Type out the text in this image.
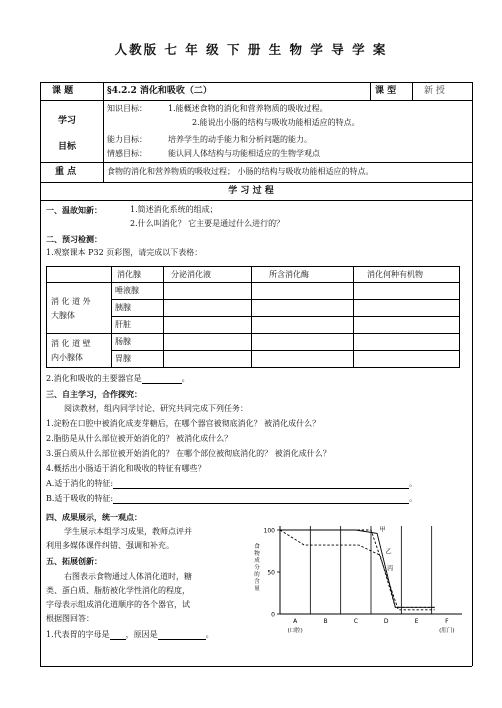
人教版 七 年 级 下 册 生 物 学 导 学 案
课 题	§4.2.2 消化和吸收（二）	课 型	新 授
学习
目标
知识目标：	1.能概述食物的消化和营养物质的吸收过程。
2.能说出小肠的结构与吸收功能相适应的特点。
能力目标：	培养学生的动手能力和分析问题的能力。
情感目标：	能认同人体结构与功能相适应的生物学观点
重 点	食物的消化和营养物质的吸收过程； 小肠的结构与吸收功能相适应的特点。
学 习 过 程
一、温故知新：	1.简述消化系统的组成；
2.什么叫消化？ 它主要是通过什么进行的？
二、预习检测：
1.观察课本 P32 页彩图，请完成以下表格：
消化腺	分泌消化液	所含消化酶	消化何种有机物
消 化 道 外
大腺体
唾液腺
胰腺
肝脏
消 化 道 壁
内小腺体
肠腺
胃腺
2.消化和吸收的主要器官是	。
三、自主学习，合作探究：
阅读教材，组内同学讨论、研究共同完成下列任务：
1.淀粉在口腔中被消化成麦芽糖后，在哪个器官被彻底消化？ 被消化成什么？
2.脂肪是从什么部位被开始消化的？ 被消化成什么？
3.蛋白质从什么部位被开始消化的？ 在哪个部位被彻底消化的？ 被消化成什么？
4.概括出小肠适于消化和吸收的特征有哪些？
A.适于消化的特征:	。
B.适于吸收的特征:	。
四、成果展示，统一观点：
学生展示本组学习成果，教师点评并
利用多媒体课件纠错、强调和补充。
五、拓展创新：
右图表示食物通过人体消化道时，糖
类、蛋白质、脂肪被化学性消化的程度，
字母表示组成消化道顺序的各个器官，试
根据图回答：
1.代表胃的字母是 ，原因是	。
100
50
0
食
物
成
分
的
含
量
A	B	C	D	E	F
(口腔)	(肛门)
甲
乙
丙
